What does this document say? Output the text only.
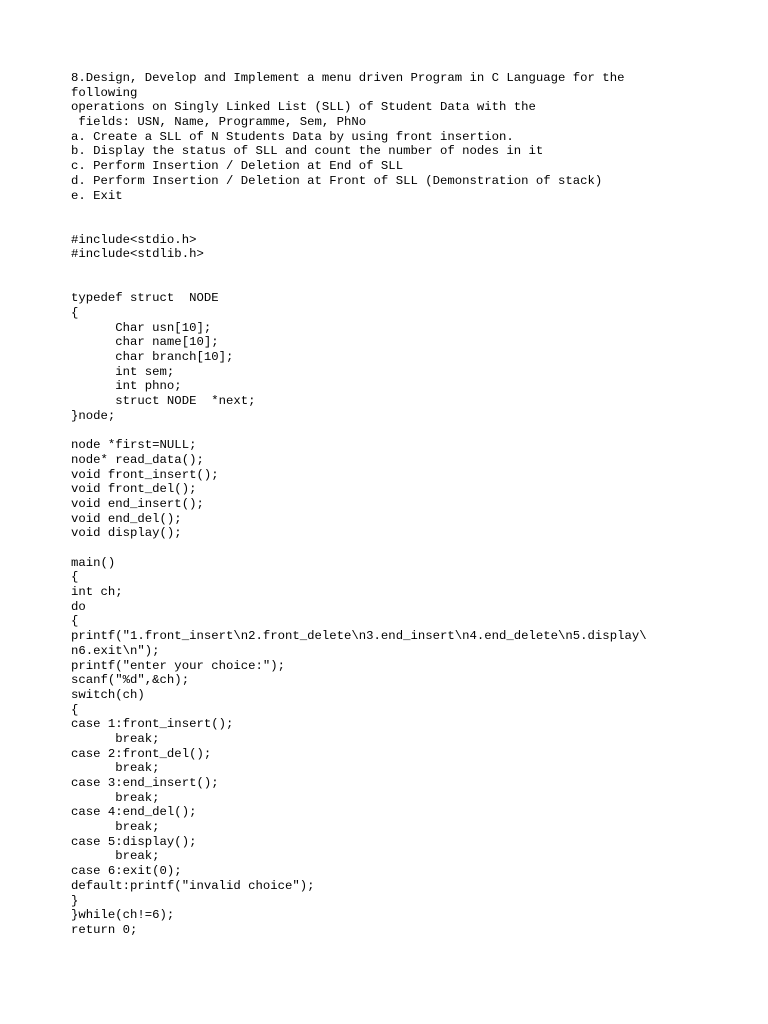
8.Design, Develop and Implement a menu driven Program in C Language for the
following
operations on Singly Linked List (SLL) of Student Data with the
fields: USN, Name, Programme, Sem, PhNo
a. Create a SLL of N Students Data by using front insertion.
b. Display the status of SLL and count the number of nodes in it
c. Perform Insertion / Deletion at End of SLL
d. Perform Insertion / Deletion at Front of SLL (Demonstration of stack)
e. Exit
#include<stdio.h>
#include<stdlib.h>
typedef struct  NODE
{
Char usn[10];
char name[10];
char branch[10];
int sem;
int phno;
struct NODE  *next;
}node;
node *first=NULL;
node* read_data();
void front_insert();
void front_del();
void end_insert();
void end_del();
void display();
main()
{
int ch;
do
{
printf("1.front_insert\n2.front_delete\n3.end_insert\n4.end_delete\n5.display\
n6.exit\n");
printf("enter your choice:");
scanf("%d",&ch);
switch(ch)
{
case 1:front_insert();
break;
case 2:front_del();
break;
case 3:end_insert();
break;
case 4:end_del();
break;
case 5:display();
break;
case 6:exit(0);
default:printf("invalid choice");
}
}while(ch!=6);
return 0;
